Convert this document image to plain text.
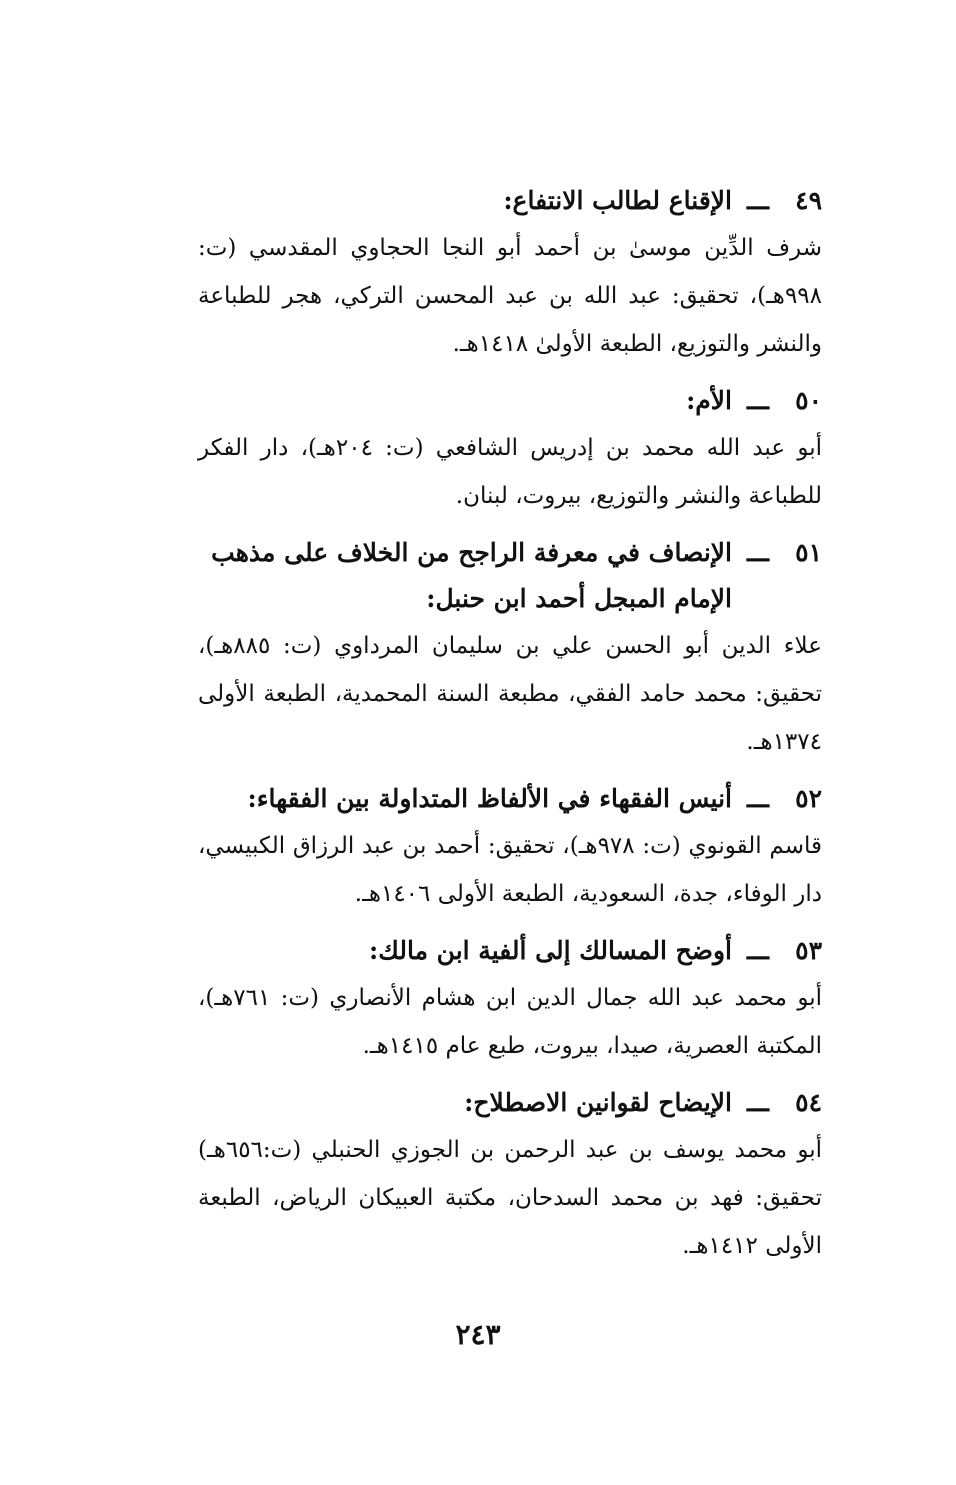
٤٩
ـــ
الإقناع لطالب الانتفاع:
شرف الدِّين موسىٰ بن أحمد أبو النجا الحجاوي المقدسي (ت: ٩٩٨هـ)، تحقيق: عبد الله بن عبد المحسن التركي، هجر للطباعة والنشر والتوزيع، الطبعة الأولىٰ ١٤١٨هـ.
٥٠
ـــ
الأم:
أبو عبد الله محمد بن إدريس الشافعي (ت: ٢٠٤هـ)، دار الفكر للطباعة والنشر والتوزيع، بيروت، لبنان.
٥١
ـــ
الإنصاف في معرفة الراجح من الخلاف على مذهب الإمام المبجل أحمد ابن حنبل:
علاء الدين أبو الحسن علي بن سليمان المرداوي (ت: ٨٨٥هـ)، تحقيق: محمد حامد الفقي، مطبعة السنة المحمدية، الطبعة الأولى ١٣٧٤هـ.
٥٢
ـــ
أنيس الفقهاء في الألفاظ المتداولة بين الفقهاء:
قاسم القونوي (ت: ٩٧٨هـ)، تحقيق: أحمد بن عبد الرزاق الكبيسي، دار الوفاء، جدة، السعودية، الطبعة الأولى ١٤٠٦هـ.
٥٣
ـــ
أوضح المسالك إلى ألفية ابن مالك:
أبو محمد عبد الله جمال الدين ابن هشام الأنصاري (ت: ٧٦١هـ)، المكتبة العصرية، صيدا، بيروت، طبع عام ١٤١٥هـ.
٥٤
ـــ
الإيضاح لقوانين الاصطلاح:
أبو محمد يوسف بن عبد الرحمن بن الجوزي الحنبلي (ت:٦٥٦هـ) تحقيق: فهد بن محمد السدحان، مكتبة العبيكان الرياض، الطبعة الأولى ١٤١٢هـ.
٢٤٣
